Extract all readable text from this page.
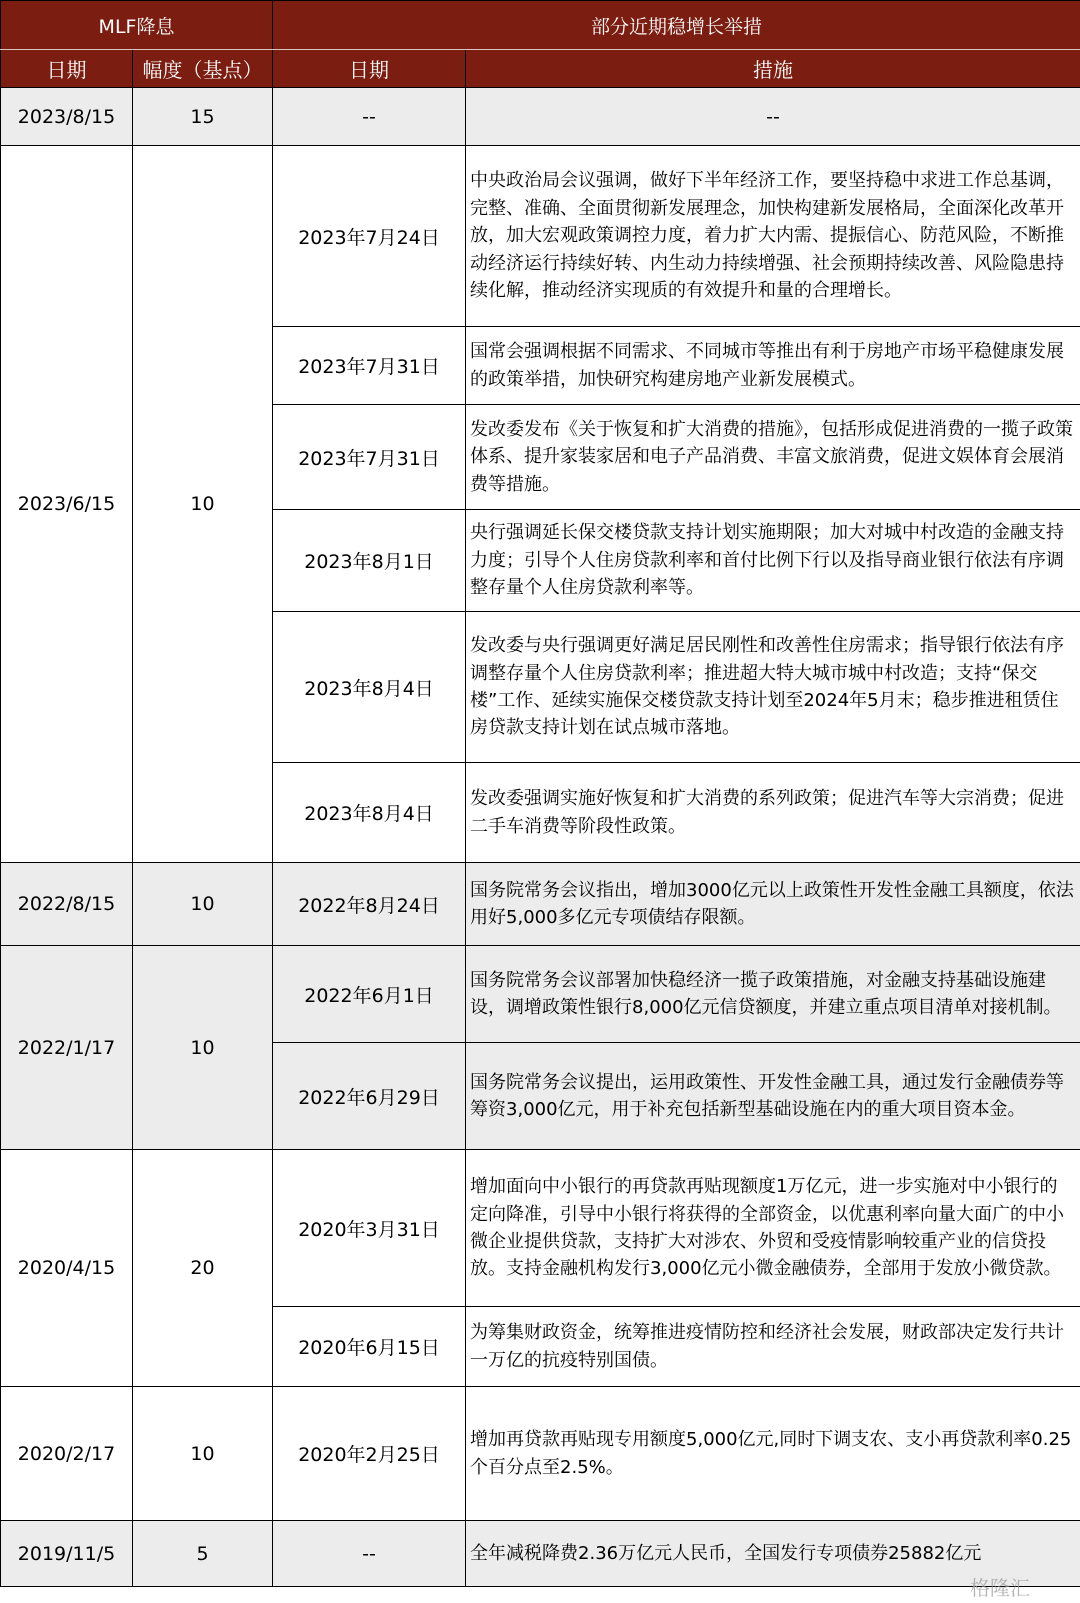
MLF降息		部分近期稳增长举措	
日期	幅度（基点）	日期	措施
2023/8/15	15	--	--
2023/6/15	10	2023年7月24日	中央政治局会议强调，做好下半年经济工作，要坚持稳中求进工作总基调，完整、准确、全面贯彻新发展理念，加快构建新发展格局，全面深化改革开放，加大宏观政策调控力度，着力扩大内需、提振信心、防范风险，不断推动经济运行持续好转、内生动力持续增强、社会预期持续改善、风险隐患持续化解，推动经济实现质的有效提升和量的合理增长。
		2023年7月31日	国常会强调根据不同需求、不同城市等推出有利于房地产市场平稳健康发展的政策举措，加快研究构建房地产业新发展模式。
		2023年7月31日	发改委发布《关于恢复和扩大消费的措施》，包括形成促进消费的一揽子政策体系、提升家装家居和电子产品消费、丰富文旅消费，促进文娱体育会展消费等措施。
		2023年8月1日	央行强调延长保交楼贷款支持计划实施期限；加大对城中村改造的金融支持力度；引导个人住房贷款利率和首付比例下行以及指导商业银行依法有序调整存量个人住房贷款利率等。
		2023年8月4日	发改委与央行强调更好满足居民刚性和改善性住房需求；指导银行依法有序调整存量个人住房贷款利率；推进超大特大城市城中村改造；支持“保交楼”工作、延续实施保交楼贷款支持计划至2024年5月末；稳步推进租赁住房贷款支持计划在试点城市落地。
		2023年8月4日	发改委强调实施好恢复和扩大消费的系列政策；促进汽车等大宗消费；促进二手车消费等阶段性政策。
2022/8/15	10	2022年8月24日	国务院常务会议指出，增加3000亿元以上政策性开发性金融工具额度，依法用好5,000多亿元专项债结存限额。
2022/1/17	10	2022年6月1日	国务院常务会议部署加快稳经济一揽子政策措施，对金融支持基础设施建设，调增政策性银行8,000亿元信贷额度，并建立重点项目清单对接机制。
		2022年6月29日	国务院常务会议提出，运用政策性、开发性金融工具，通过发行金融债券等筹资3,000亿元，用于补充包括新型基础设施在内的重大项目资本金。
2020/4/15	20	2020年3月31日	增加面向中小银行的再贷款再贴现额度1万亿元，进一步实施对中小银行的定向降准，引导中小银行将获得的全部资金，以优惠利率向量大面广的中小微企业提供贷款，支持扩大对涉农、外贸和受疫情影响较重产业的信贷投放。支持金融机构发行3,000亿元小微金融债券，全部用于发放小微贷款。
		2020年6月15日	为筹集财政资金，统筹推进疫情防控和经济社会发展，财政部决定发行共计一万亿的抗疫特别国债。
2020/2/17	10	2020年2月25日	增加再贷款再贴现专用额度5,000亿元,同时下调支农、支小再贷款利率0.25个百分点至2.5%。
2019/11/5	5	--	全年减税降费2.36万亿元人民币，全国发行专项债券25882亿元
格隆汇
